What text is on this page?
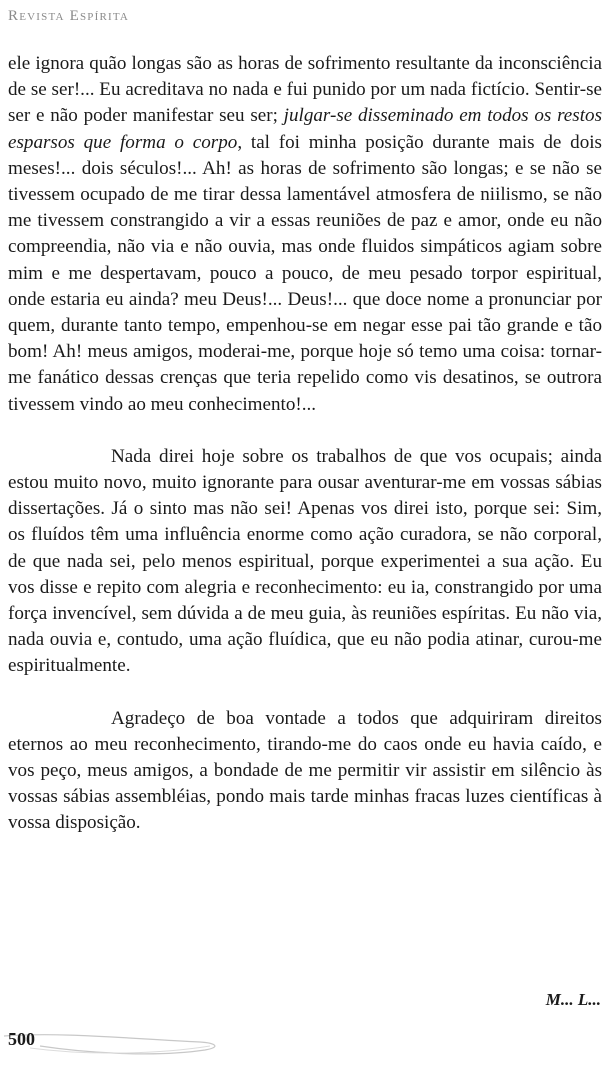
Revista Espírita

ele ignora quão longas são as horas de sofrimento resultante da inconsciência de se ser!... Eu acreditava no nada e fui punido por um nada fictício. Sentir-se ser e não poder manifestar seu ser; julgar-se disseminado em todos os restos esparsos que forma o corpo, tal foi minha posição durante mais de dois meses!... dois séculos!... Ah! as horas de sofrimento são longas; e se não se tivessem ocupado de me tirar dessa lamentável atmosfera de niilismo, se não me tivessem constrangido a vir a essas reuniões de paz e amor, onde eu não compreendia, não via e não ouvia, mas onde fluidos simpáticos agiam sobre mim e me despertavam, pouco a pouco, de meu pesado torpor espiritual, onde estaria eu ainda? meu Deus!... Deus!... que doce nome a pronunciar por quem, durante tanto tempo, empenhou-se em negar esse pai tão grande e tão bom! Ah! meus amigos, moderai-me, porque hoje só temo uma coisa: tornar-me fanático dessas crenças que teria repelido como vis desatinos, se outrora tivessem vindo ao meu conhecimento!...

Nada direi hoje sobre os trabalhos de que vos ocupais; ainda estou muito novo, muito ignorante para ousar aventurar-me em vossas sábias dissertações. Já o sinto mas não sei! Apenas vos direi isto, porque sei: Sim, os fluídos têm uma influência enorme como ação curadora, se não corporal, de que nada sei, pelo menos espiritual, porque experimentei a sua ação. Eu vos disse e repito com alegria e reconhecimento: eu ia, constrangido por uma força invencível, sem dúvida a de meu guia, às reuniões espíritas. Eu não via, nada ouvia e, contudo, uma ação fluídica, que eu não podia atinar, curou-me espiritualmente.

Agradeço de boa vontade a todos que adquiriram direitos eternos ao meu reconhecimento, tirando-me do caos onde eu havia caído, e vos peço, meus amigos, a bondade de me permitir vir assistir em silêncio às vossas sábias assembléias, pondo mais tarde minhas fracas luzes científicas à vossa disposição.

M... L...
500
